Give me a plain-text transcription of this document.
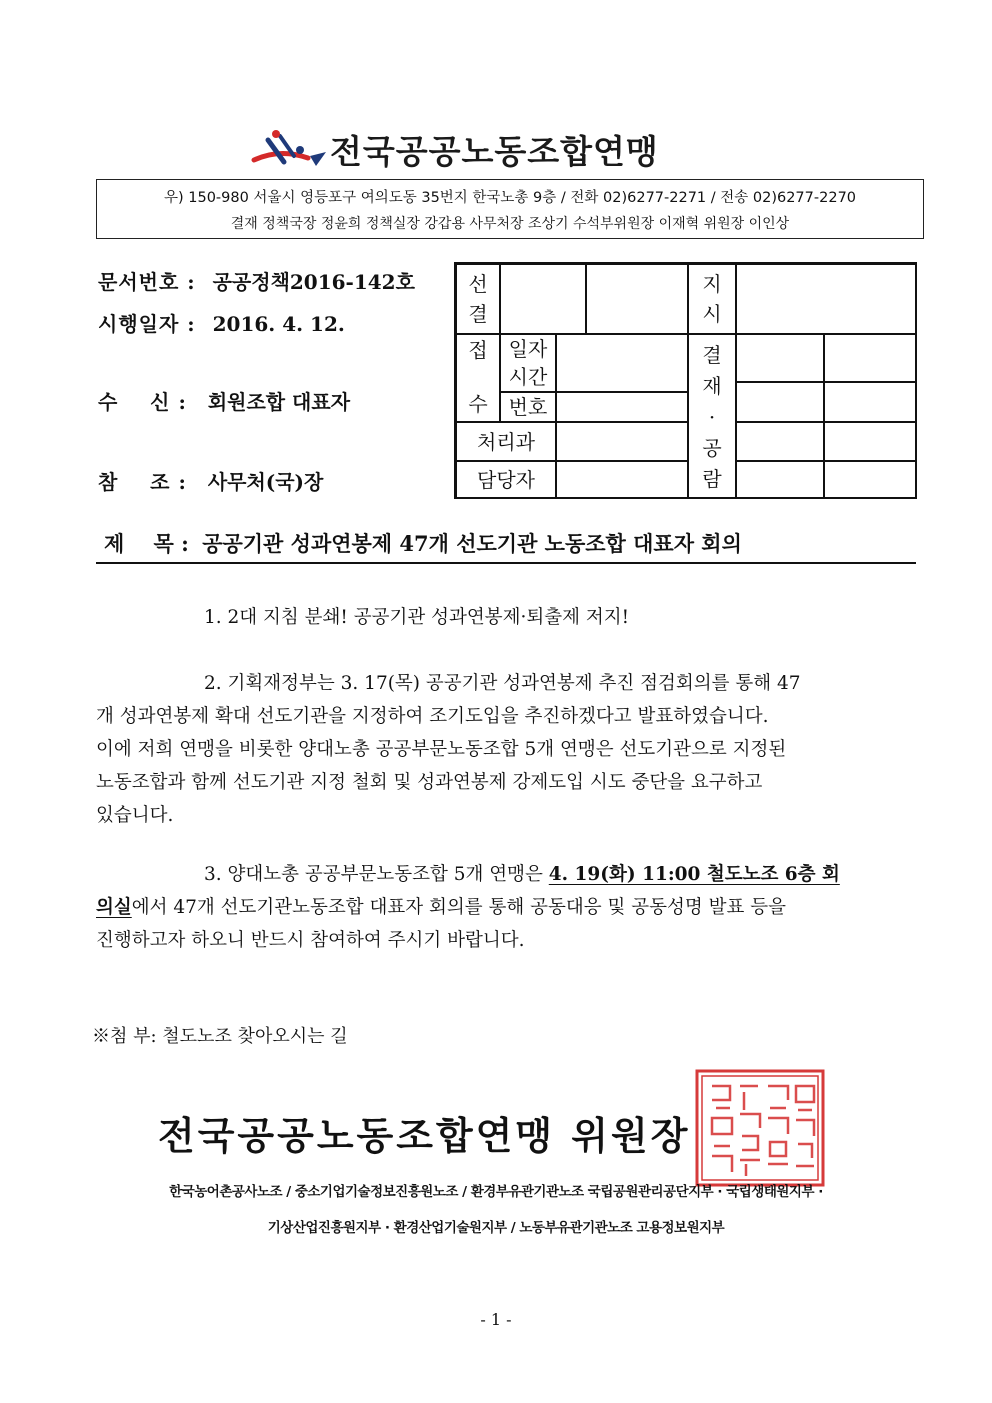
전국공공노동조합연맹
우) 150-980 서울시 영등포구 여의도동 35번지 한국노총 9층 / 전화 02)6277-2271 / 전송 02)6277-2270
결재 정책국장 정윤희 정책실장 강갑용 사무처장 조상기 수석부위원장 이재혁 위원장 이인상
문서번호 : 공공정책2016-142호
시행일자 : 2016. 4. 12.
수    신 : 회원조합 대표자
참    조 : 사무처(국)장
선
결
지
시
접
수
일자
시간
번호
처리과
담당자
결
재
·
공
람
제    목 : 공공기관 성과연봉제 47개 선도기관 노동조합 대표자 회의
1. 2대 지침 분쇄! 공공기관 성과연봉제·퇴출제 저지!
2. 기획재정부는 3. 17(목) 공공기관 성과연봉제 추진 점검회의를 통해 47
개 성과연봉제 확대 선도기관을 지정하여 조기도입을 추진하겠다고 발표하였습니다.
이에 저희 연맹을 비롯한 양대노총 공공부문노동조합 5개 연맹은 선도기관으로 지정된
노동조합과 함께 선도기관 지정 철회 및 성과연봉제 강제도입 시도 중단을 요구하고
있습니다.
3. 양대노총 공공부문노동조합 5개 연맹은 4. 19(화) 11:00 철도노조 6층 회
의실에서 47개 선도기관노동조합 대표자 회의를 통해 공동대응 및 공동성명 발표 등을
진행하고자 하오니 반드시 참여하여 주시기 바랍니다.
※첨 부: 철도노조 찾아오시는 길
전국공공노동조합연맹 위원장
한국농어촌공사노조 / 중소기업기술정보진흥원노조 / 환경부유관기관노조 국립공원관리공단지부 · 국립생태원지부 ·
기상산업진흥원지부 · 환경산업기술원지부 / 노동부유관기관노조 고용정보원지부
- 1 -
